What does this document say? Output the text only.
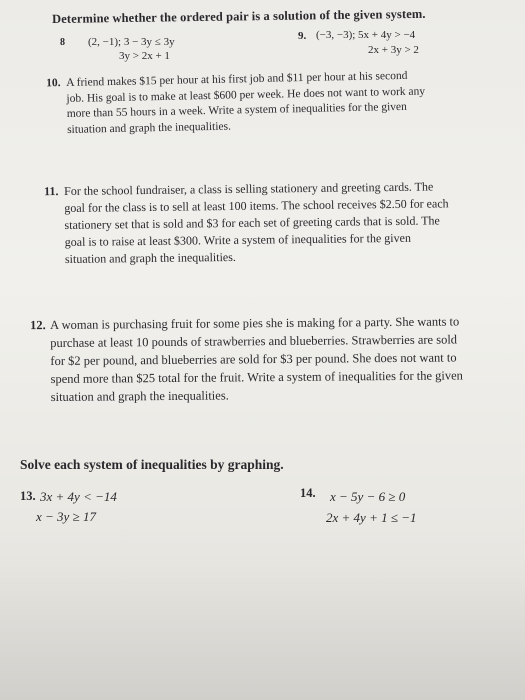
Determine whether the ordered pair is a solution of the given system.
8 (2, −1); 3 − 3y ≤ 3y
3y > 2x + 1
9. (−3, −3); 5x + 4y > −4
2x + 3y > 2
10. A friend makes $15 per hour at his first job and $11 per hour at his second job. His goal is to make at least $600 per week. He does not want to work any more than 55 hours in a week. Write a system of inequalities for the given situation and graph the inequalities.
11. For the school fundraiser, a class is selling stationery and greeting cards. The goal for the class is to sell at least 100 items. The school receives $2.50 for each stationery set that is sold and $3 for each set of greeting cards that is sold. The goal is to raise at least $300. Write a system of inequalities for the given situation and graph the inequalities.
12. A woman is purchasing fruit for some pies she is making for a party. She wants to purchase at least 10 pounds of strawberries and blueberries. Strawberries are sold for $2 per pound, and blueberries are sold for $3 per pound. She does not want to spend more than $25 total for the fruit. Write a system of inequalities for the given situation and graph the inequalities.
Solve each system of inequalities by graphing.
13. 3x + 4y < −14
x − 3y ≥ 17
14. x − 5y − 6 ≥ 0
2x + 4y + 1 ≤ −1
